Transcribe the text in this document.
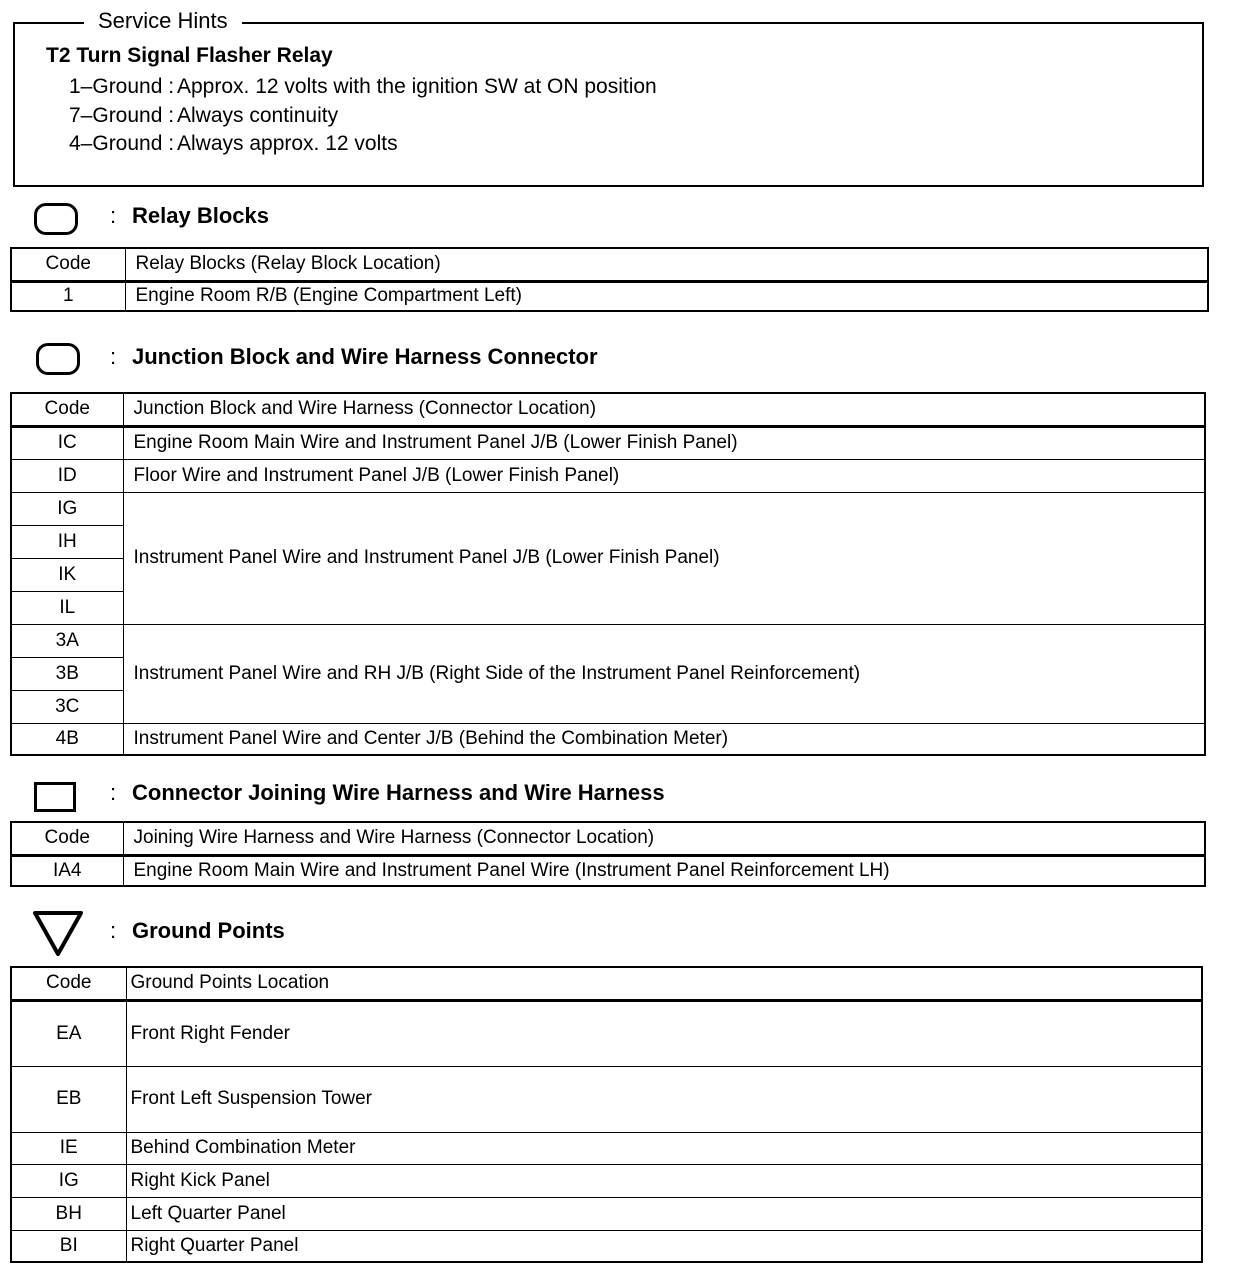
Service Hints
T2 Turn Signal Flasher Relay
1–Ground : Approx. 12 volts with the ignition SW at ON position
7–Ground : Always continuity
4–Ground : Always approx. 12 volts
: Relay Blocks
Code	Relay Blocks (Relay Block Location)
1	Engine Room R/B (Engine Compartment Left)
: Junction Block and Wire Harness Connector
Code	Junction Block and Wire Harness (Connector Location)
IC	Engine Room Main Wire and Instrument Panel J/B (Lower Finish Panel)
ID	Floor Wire and Instrument Panel J/B (Lower Finish Panel)
IG	Instrument Panel Wire and Instrument Panel J/B (Lower Finish Panel)
IH	
IK	
IL	
3A	Instrument Panel Wire and RH J/B (Right Side of the Instrument Panel Reinforcement)
3B	
3C	
4B	Instrument Panel Wire and Center J/B (Behind the Combination Meter)
: Connector Joining Wire Harness and Wire Harness
Code	Joining Wire Harness and Wire Harness (Connector Location)
IA4	Engine Room Main Wire and Instrument Panel Wire (Instrument Panel Reinforcement LH)
: Ground Points
Code	Ground Points Location
EA	Front Right Fender
EB	Front Left Suspension Tower
IE	Behind Combination Meter
IG	Right Kick Panel
BH	Left Quarter Panel
BI	Right Quarter Panel
